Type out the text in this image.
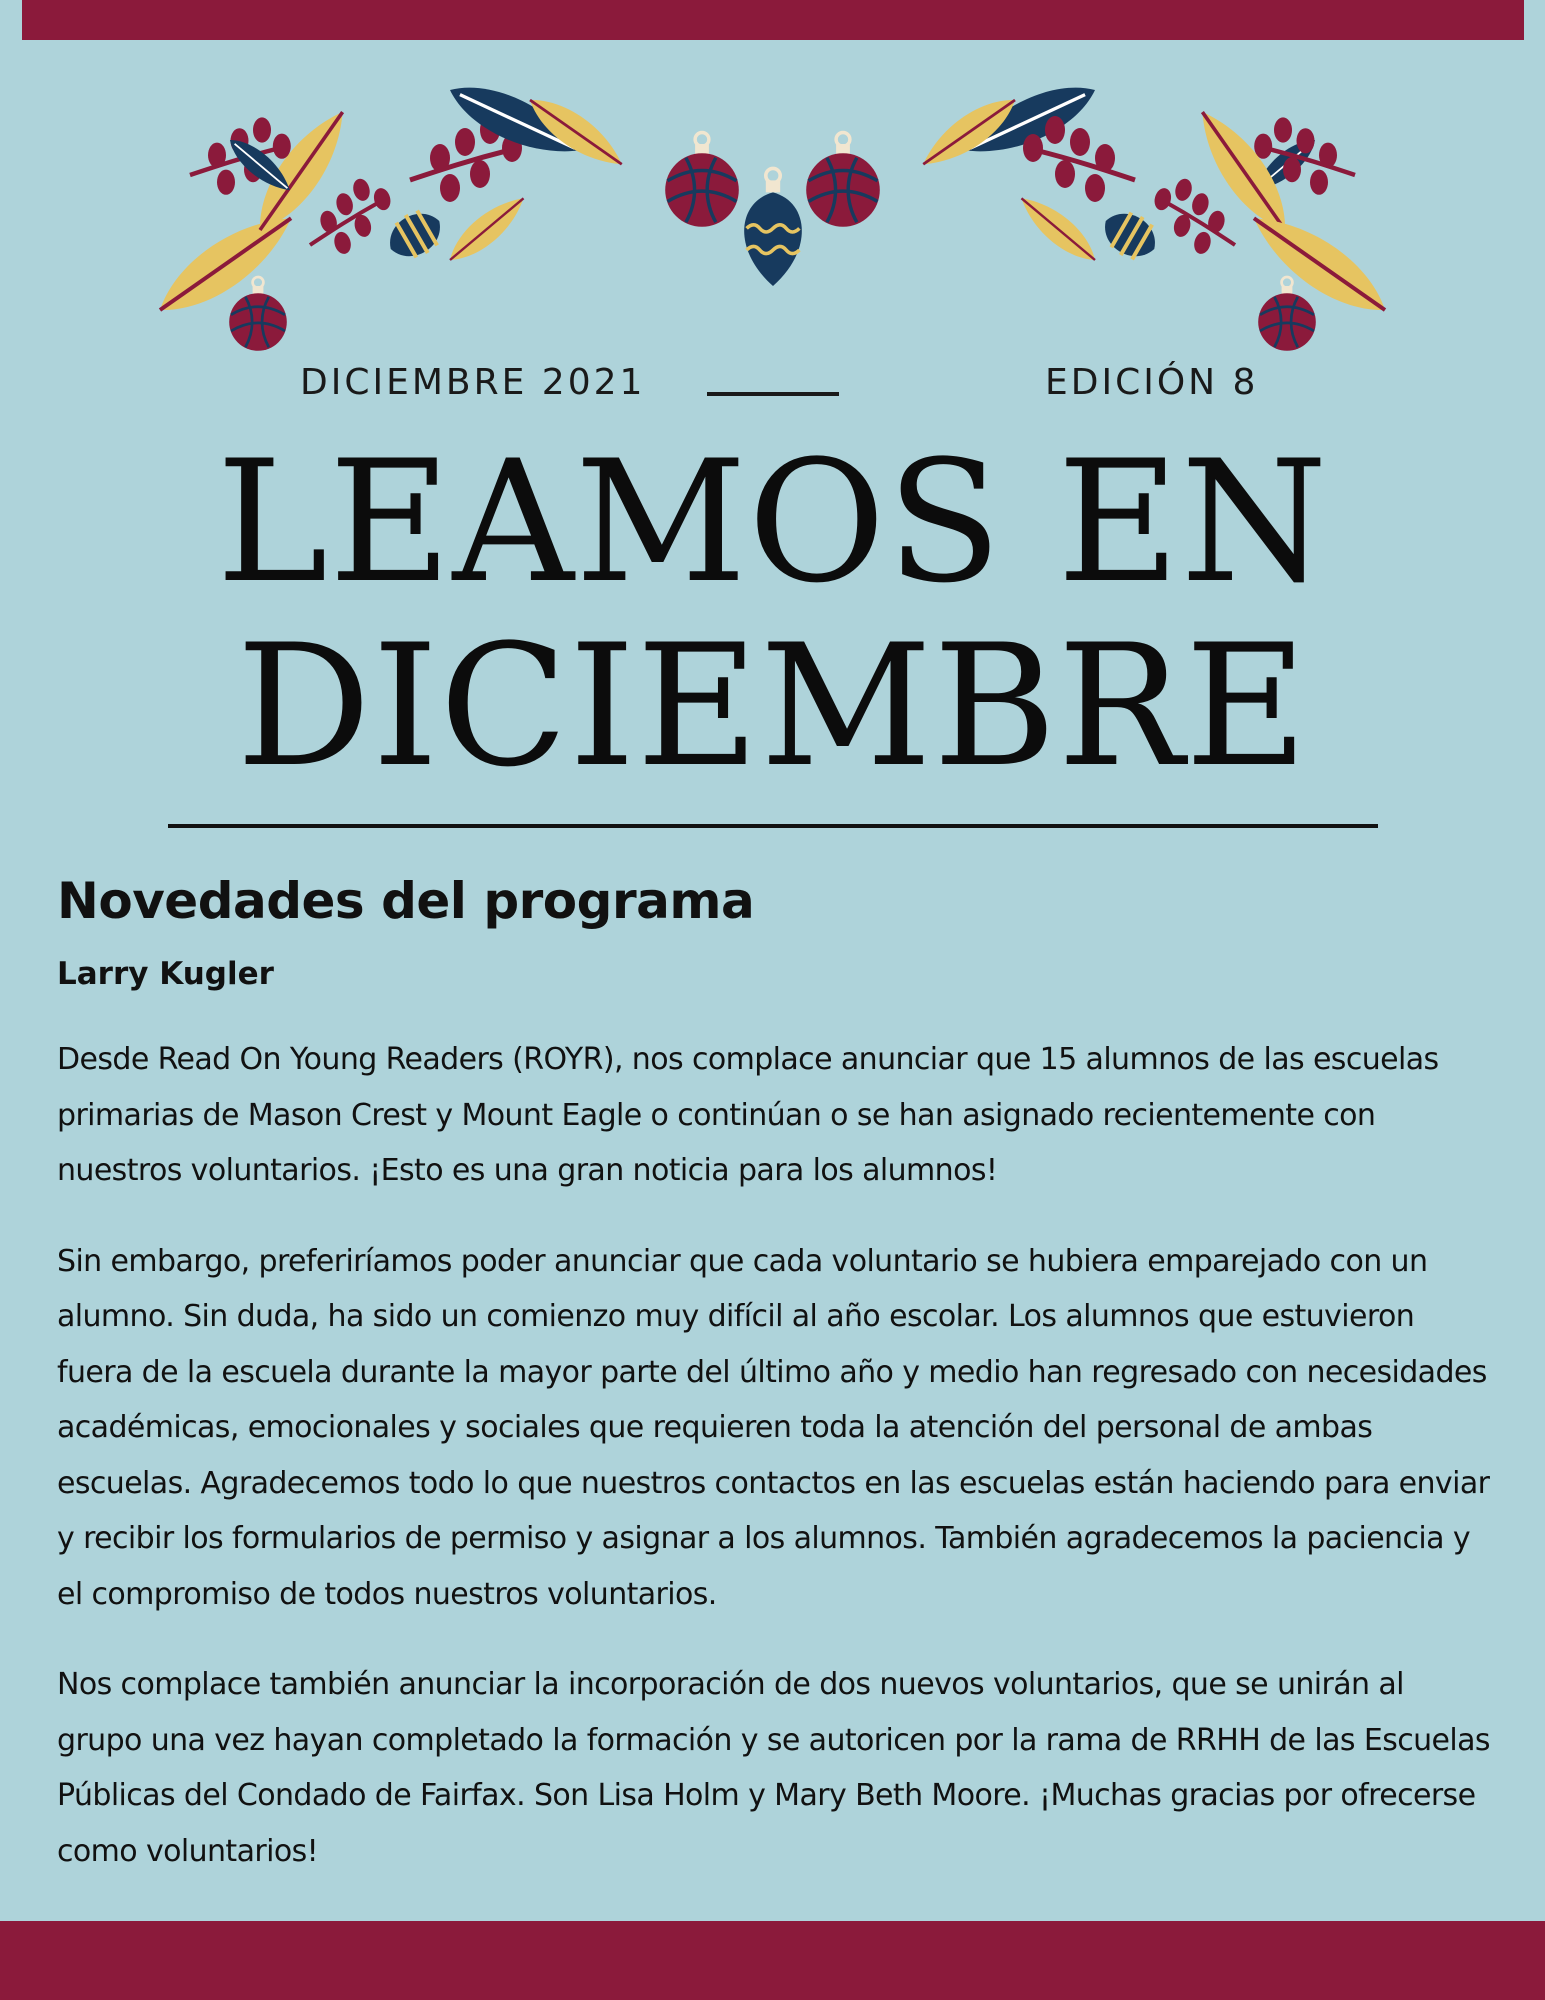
DICIEMBRE 2021	EDICIÓN 8
LEAMOS EN
DICIEMBRE
Novedades del programa
Larry Kugler

Desde Read On Young Readers (ROYR), nos complace anunciar que 15 alumnos de las escuelas primarias de Mason Crest y Mount Eagle o continúan o se han asignado recientemente con nuestros voluntarios. ¡Esto es una gran noticia para los alumnos!

Sin embargo, preferiríamos poder anunciar que cada voluntario se hubiera emparejado con un alumno. Sin duda, ha sido un comienzo muy difícil al año escolar. Los alumnos que estuvieron fuera de la escuela durante la mayor parte del último año y medio han regresado con necesidades académicas, emocionales y sociales que requieren toda la atención del personal de ambas escuelas. Agradecemos todo lo que nuestros contactos en las escuelas están haciendo para enviar y recibir los formularios de permiso y asignar a los alumnos. También agradecemos la paciencia y el compromiso de todos nuestros voluntarios.

Nos complace también anunciar la incorporación de dos nuevos voluntarios, que se unirán al grupo una vez hayan completado la formación y se autoricen por la rama de RRHH de las Escuelas Públicas del Condado de Fairfax. Son Lisa Holm y Mary Beth Moore. ¡Muchas gracias por ofrecerse como voluntarios!
